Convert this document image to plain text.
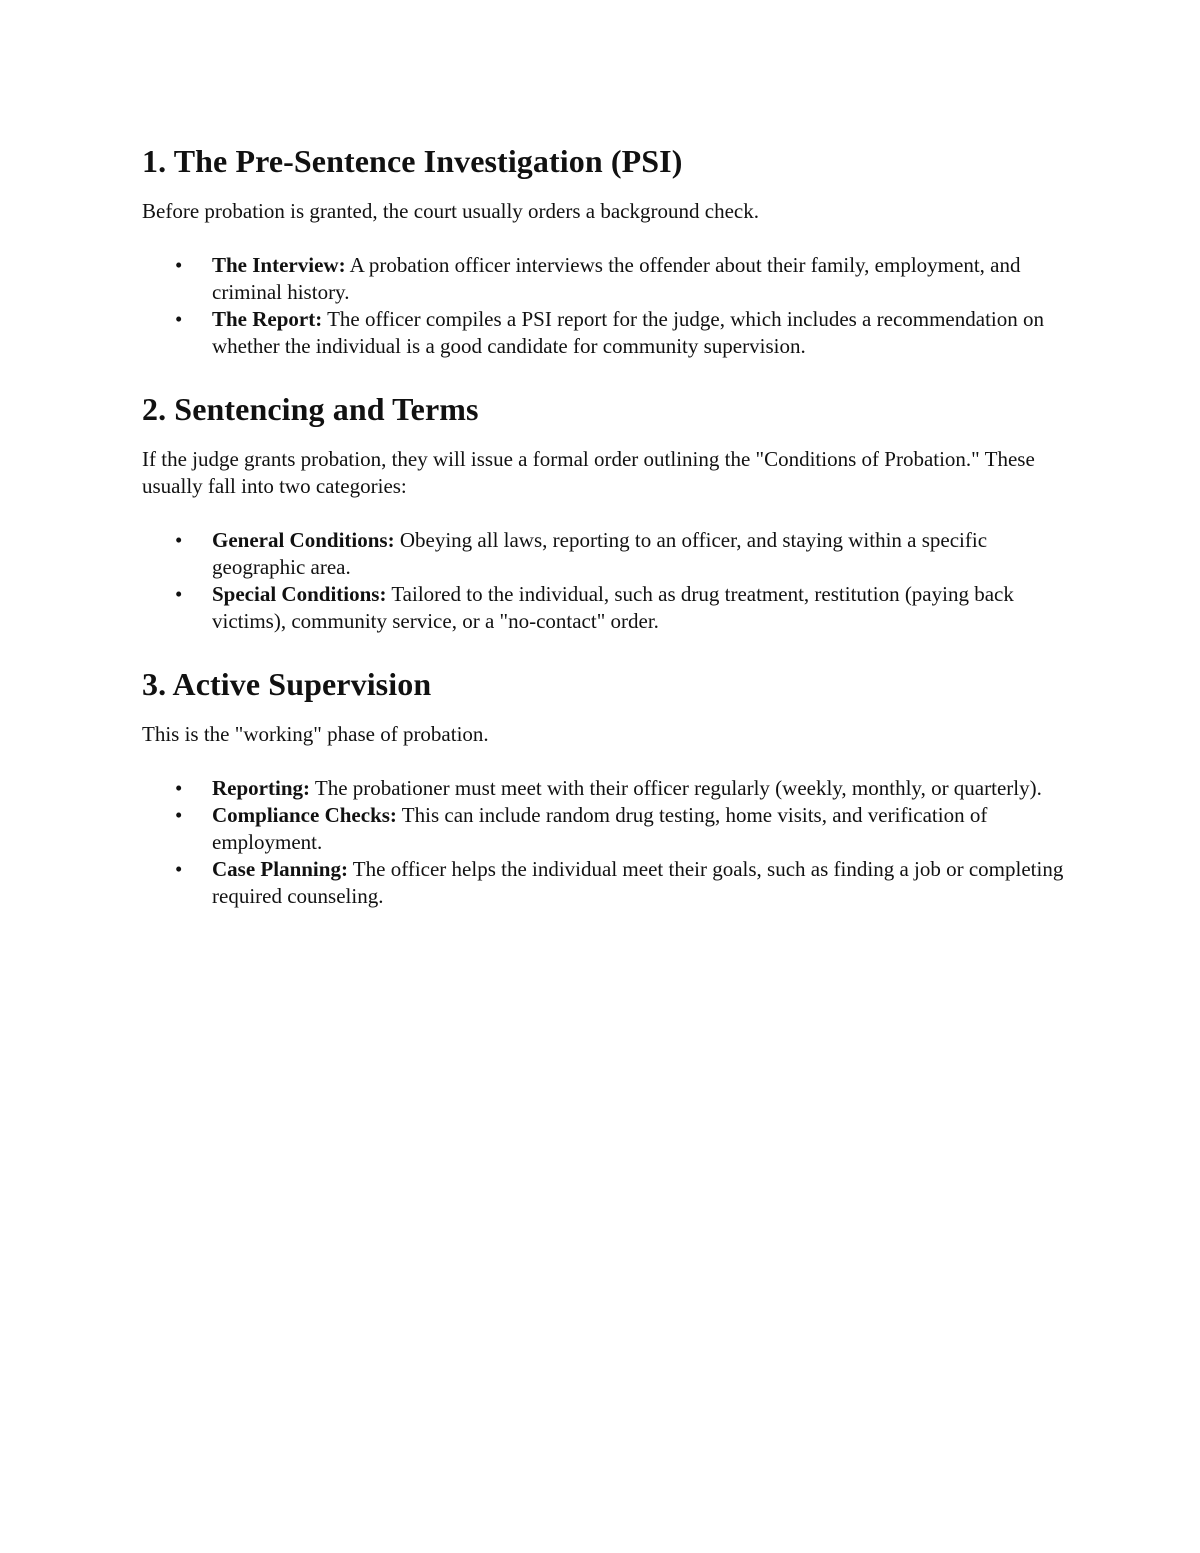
1. The Pre-Sentence Investigation (PSI)

Before probation is granted, the court usually orders a background check.

• The Interview: A probation officer interviews the offender about their family, employment, and criminal history.
• The Report: The officer compiles a PSI report for the judge, which includes a recommendation on whether the individual is a good candidate for community supervision.
2. Sentencing and Terms

If the judge grants probation, they will issue a formal order outlining the "Conditions of Probation." These usually fall into two categories:

• General Conditions: Obeying all laws, reporting to an officer, and staying within a specific geographic area.
• Special Conditions: Tailored to the individual, such as drug treatment, restitution (paying back victims), community service, or a "no-contact" order.
3. Active Supervision

This is the "working" phase of probation.

• Reporting: The probationer must meet with their officer regularly (weekly, monthly, or quarterly).
• Compliance Checks: This can include random drug testing, home visits, and verification of employment.
• Case Planning: The officer helps the individual meet their goals, such as finding a job or completing required counseling.
